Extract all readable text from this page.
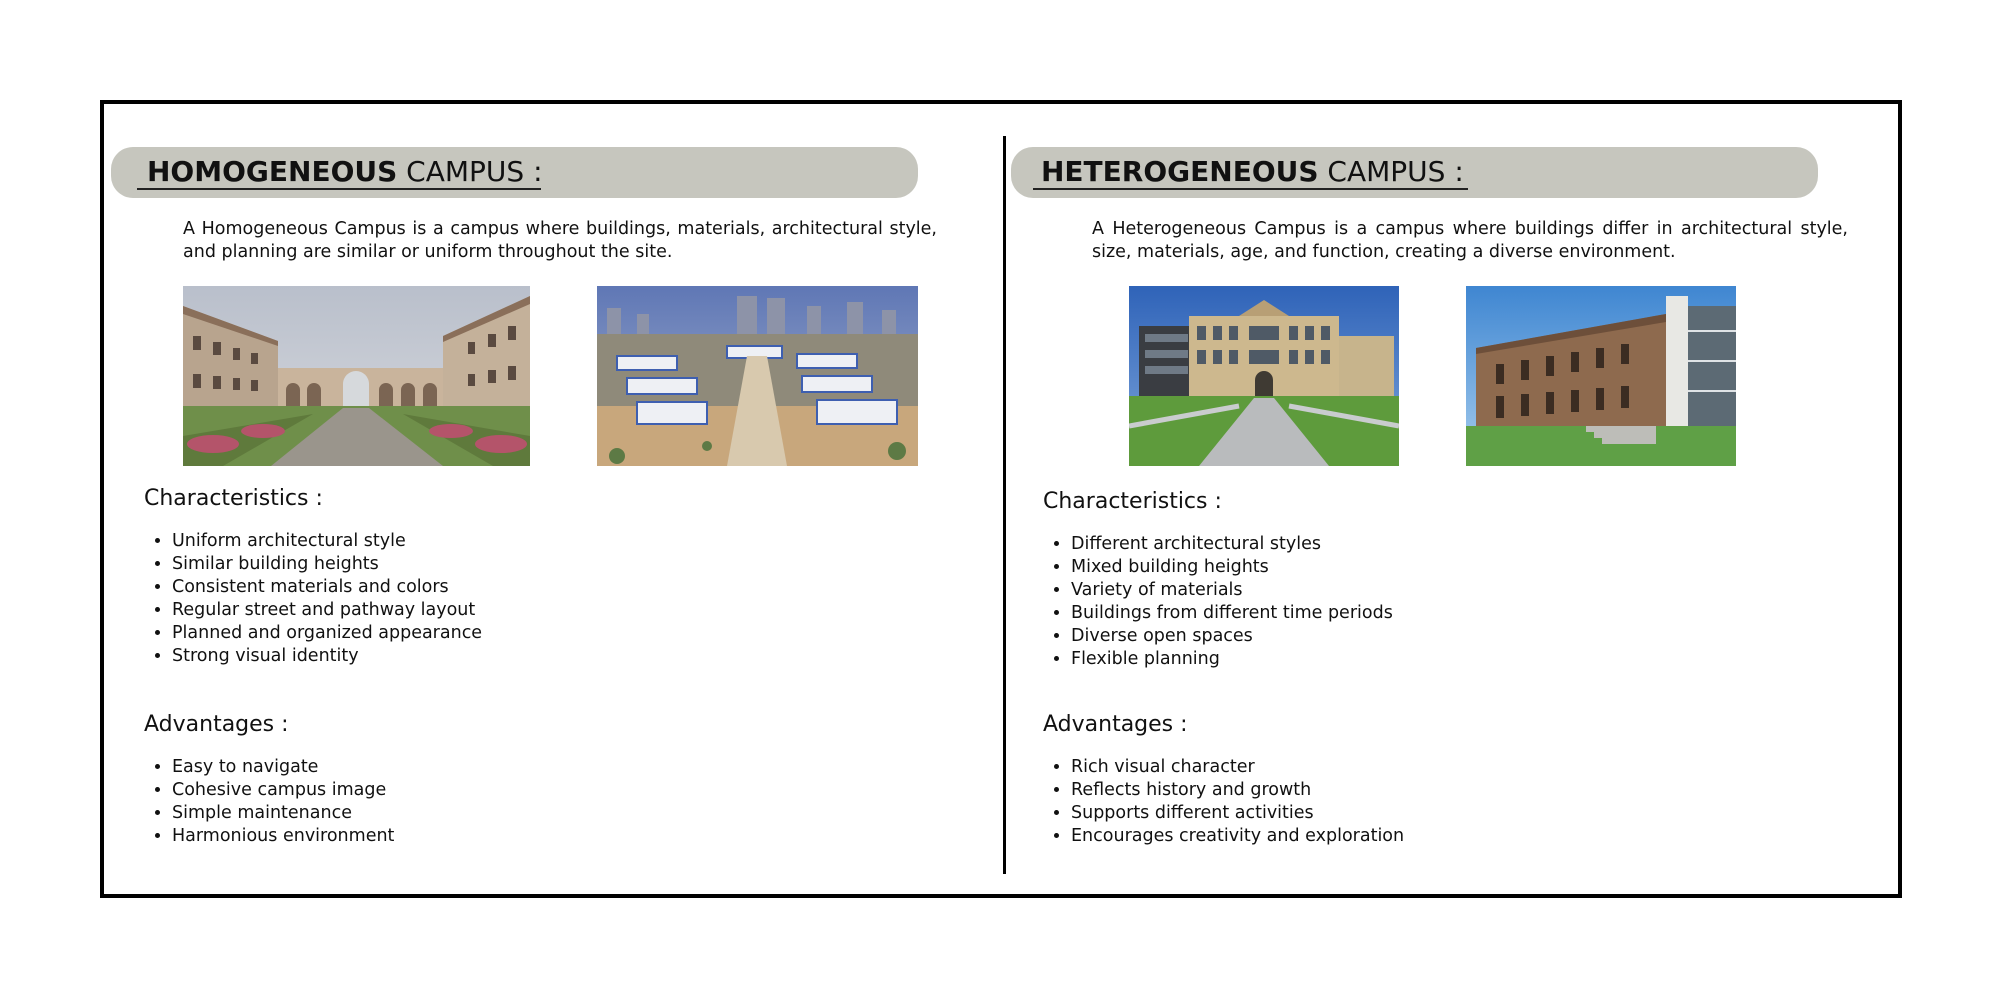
HOMOGENEOUS CAMPUS :
A Homogeneous Campus is a campus where buildings, materials, architectural style, and planning are similar or uniform throughout the site.
Characteristics :
• Uniform architectural style
• Similar building heights
• Consistent materials and colors
• Regular street and pathway layout
• Planned and organized appearance
• Strong visual identity
Advantages :
• Easy to navigate
• Cohesive campus image
• Simple maintenance
• Harmonious environment
HETEROGENEOUS CAMPUS :
A Heterogeneous Campus is a campus where buildings differ in architectural style, size, materials, age, and function, creating a diverse environment.
Characteristics :
• Different architectural styles
• Mixed building heights
• Variety of materials
• Buildings from different time periods
• Diverse open spaces
• Flexible planning
Advantages :
• Rich visual character
• Reflects history and growth
• Supports different activities
• Encourages creativity and exploration
